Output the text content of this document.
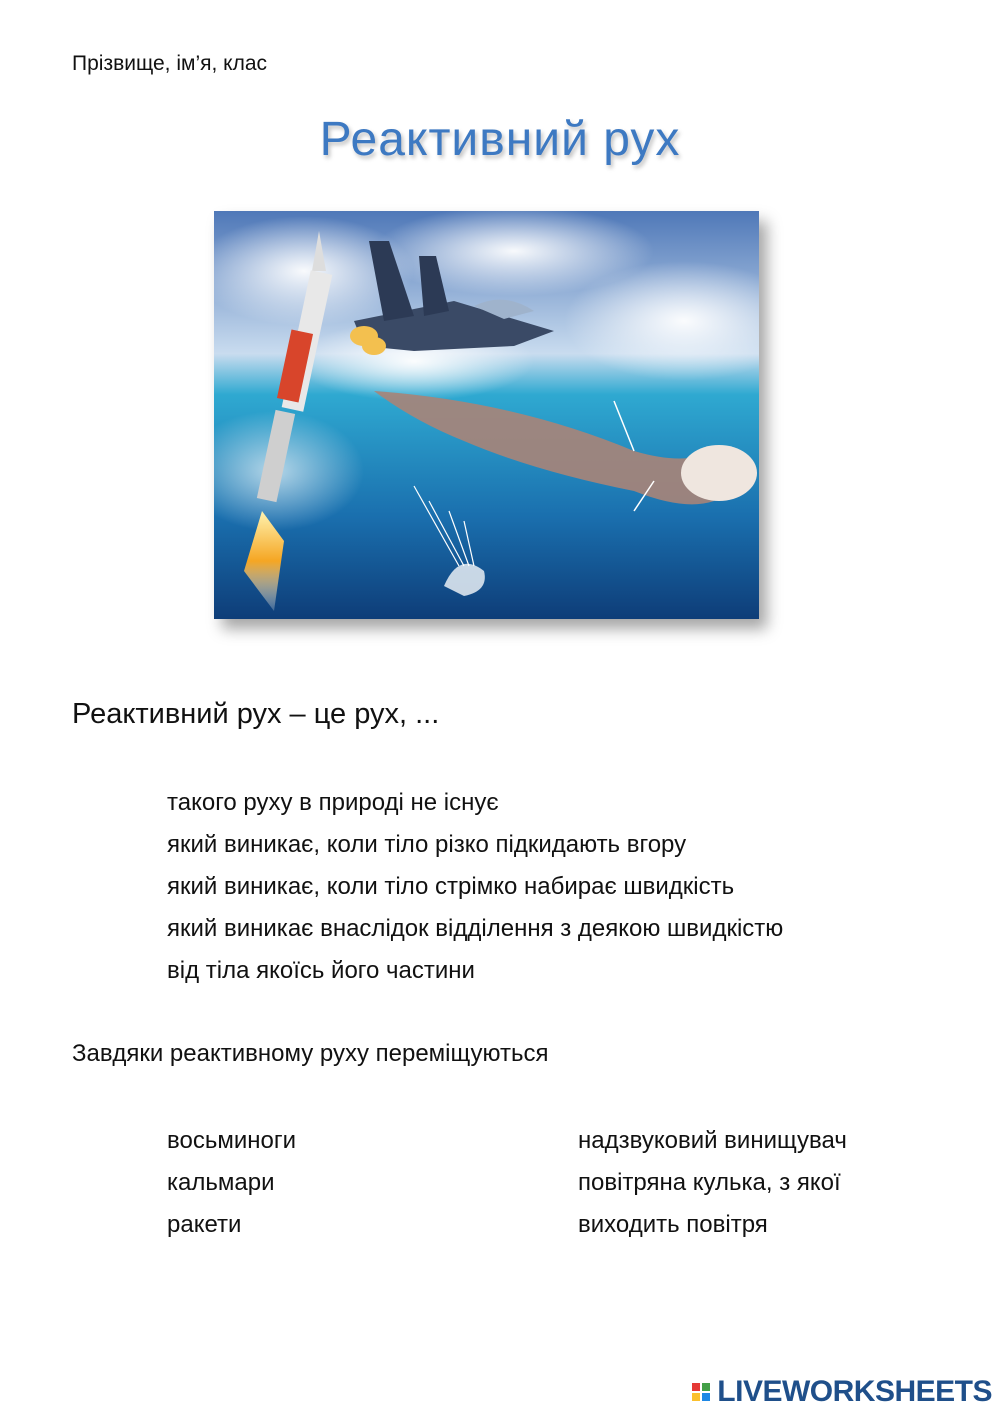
Прізвище, ім’я, клас
Реактивний рух
Реактивний рух – це рух, ...
такого руху в природі не існує
який виникає, коли тіло різко підкидають вгору
який виникає, коли тіло стрімко набирає швидкість
який виникає внаслідок відділення з деякою швидкістю
від тіла якоїсь його частини
Завдяки реактивному руху переміщуються
восьминоги
кальмари
ракети
надзвуковий винищувач
повітряна кулька, з якої
виходить повітря
LIVEWORKSHEETS
